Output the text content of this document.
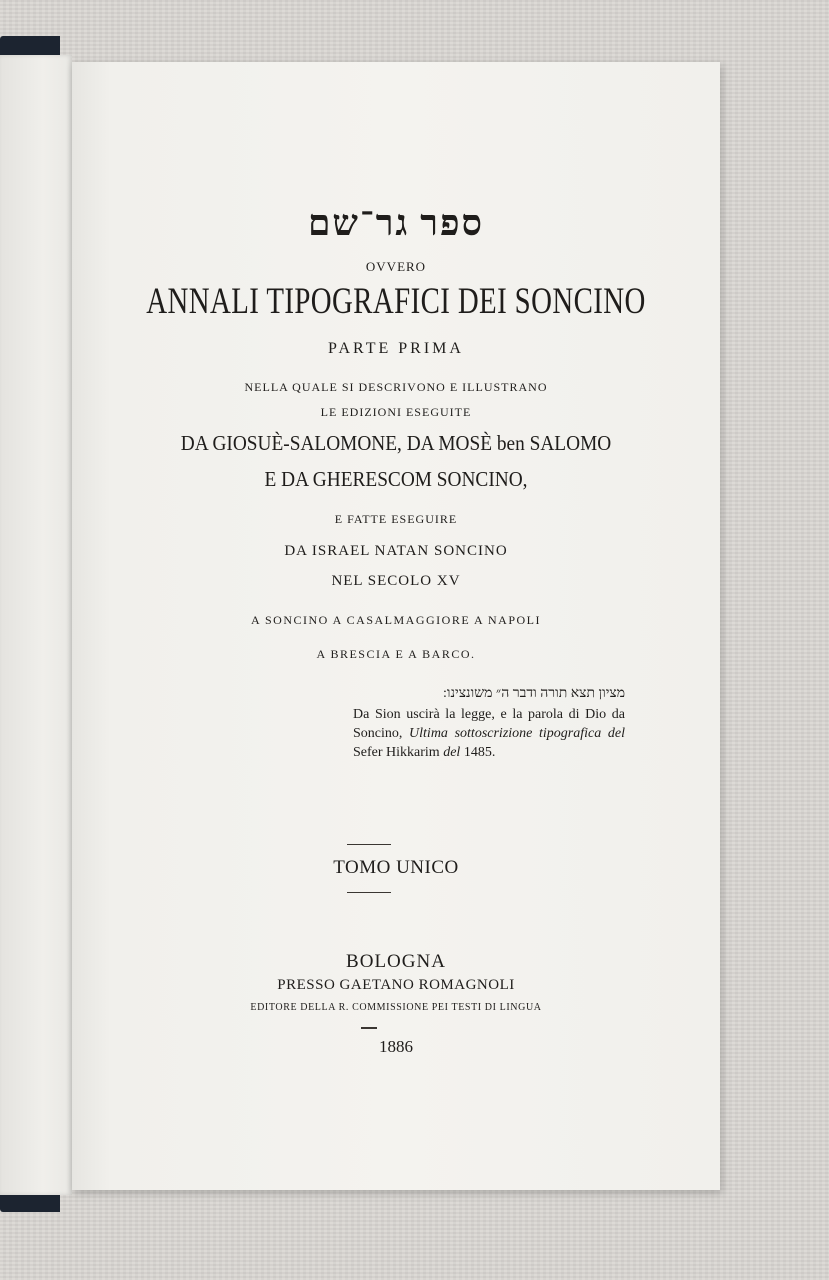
ספר גר־שם
OVVERO
ANNALI TIPOGRAFICI DEI SONCINO
PARTE PRIMA
NELLA QUALE SI DESCRIVONO E ILLUSTRANO
LE EDIZIONI ESEGUITE
DA GIOSUÈ-SALOMONE, DA MOSÈ ben SALOMO
E DA GHERESCOM SONCINO,
E FATTE ESEGUIRE
DA ISRAEL NATAN SONCINO
NEL SECOLO XV
A SONCINO A CASALMAGGIORE A NAPOLI
A BRESCIA E A BARCO.
מציון תצא תורה ודבר ה״ משונצינו:
Da Sion uscirà la legge, e la parola di Dio da Soncino, Ultima sottoscrizione tipografica del Sefer Hikkarim del 1485.
TOMO UNICO
BOLOGNA
PRESSO GAETANO ROMAGNOLI
EDITORE DELLA R. COMMISSIONE PEI TESTI DI LINGUA
1886
